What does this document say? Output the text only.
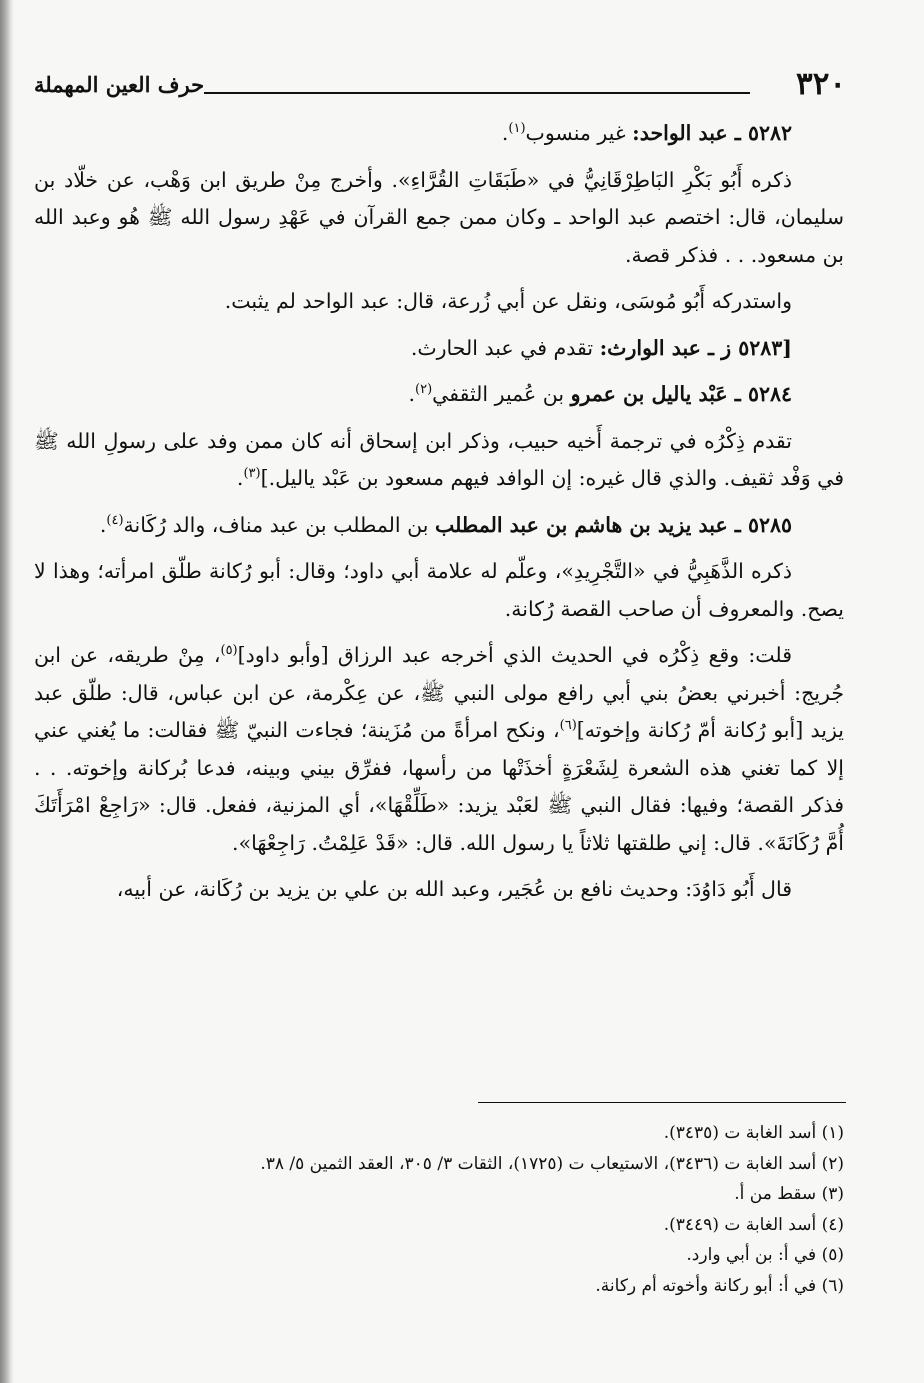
٣٢٠
حرف العين المهملة

٥٢٨٢ ـ عبد الواحد: غير منسوب$^{(١)}$.

ذكره أَبُو بَكْرِ البَاطِرْقَانِيُّ في «طَبَقَاتِ القُرَّاءِ». وأخرج مِنْ طريق ابن وَهْب، عن خلّاد بن سليمان، قال: اختصم عبد الواحد ـ وكان ممن جمع القرآن في عَهْدِ رسول الله ﷺ هُو وعبد الله بن مسعود. . . فذكر قصة.

واستدركه أَبُو مُوسَى، ونقل عن أبي زُرعة، قال: عبد الواحد لم يثبت.

[٥٢٨٣ ز ـ عبد الوارث: تقدم في عبد الحارث.

٥٢٨٤ ـ عَبْد ياليل بن عمرو بن عُمير الثقفي$^{(٢)}$.

تقدم ذِكْرُه في ترجمة أَخيه حبيب، وذكر ابن إسحاق أنه كان ممن وفد على رسولِ الله ﷺ في وَفْد ثقيف. والذي قال غيره: إن الوافد فيهم مسعود بن عَبْد ياليل.]$^{(٣)}$.

٥٢٨٥ ـ عبد يزيد بن هاشم بن عبد المطلب بن المطلب بن عبد مناف، والد رُكَانة$^{(٤)}$.

ذكره الذَّهَبِيُّ في «التَّجْرِيدِ»، وعلّم له علامة أبي داود؛ وقال: أبو رُكانة طلّق امرأته؛ وهذا لا يصح. والمعروف أن صاحب القصة رُكانة.

قلت: وقع ذِكْرُه في الحديث الذي أخرجه عبد الرزاق [وأبو داود]$^{(٥)}$، مِنْ طريقه، عن ابن جُريج: أخبرني بعضُ بني أبي رافع مولى النبي ﷺ، عن عِكْرمة، عن ابن عباس، قال: طلّق عبد يزيد [أبو رُكانة أمّ رُكانة وإخوته]$^{(٦)}$، ونكح امرأةً من مُزَينة؛ فجاءت النبيّ ﷺ فقالت: ما يُغني عني إلا كما تغني هذه الشعرة لِشَعْرَةٍ أخذَتْها من رأسها، ففرِّق بيني وبينه، فدعا بُركانة وإخوته. . . فذكر القصة؛ وفيها: فقال النبي ﷺ لعَبْد يزيد: «طَلِّقْهَا»، أي المزنية، ففعل. قال: «رَاجِعْ امْرَأَتَكَ أُمَّ رُكَانَةَ». قال: إني طلقتها ثلاثاً يا رسول الله. قال: «قَدْ عَلِمْتُ. رَاجِعْهَا».

قال أَبُو دَاوُدَ: وحديث نافع بن عُجَير، وعبد الله بن علي بن يزيد بن رُكَانة، عن أبيه،

(١) أسد الغابة ت (٣٤٣٥).

(٢) أسد الغابة ت (٣٤٣٦)، الاستيعاب ت (١٧٢٥)، الثقات ٣/ ٣٠٥، العقد الثمين ٥/ ٣٨.

(٣) سقط من أ.

(٤) أسد الغابة ت (٣٤٤٩).

(٥) في أ: بن أبي وارد.

(٦) في أ: أبو ركانة وأخوته أم ركانة.
